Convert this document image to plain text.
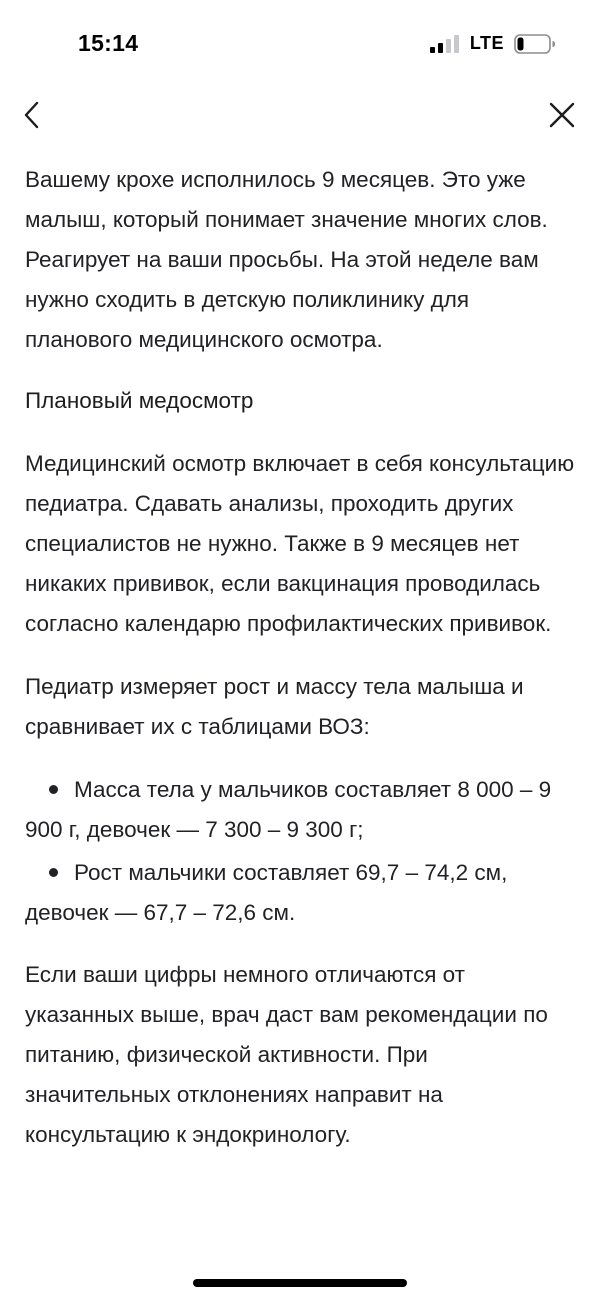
15:14	LTE

Вашему крохе исполнилось 9 месяцев. Это уже малыш, который понимает значение многих слов. Реагирует на ваши просьбы. На этой неделе вам нужно сходить в детскую поликлинику для планового медицинского осмотра.

Плановый медосмотр

Медицинский осмотр включает в себя консультацию педиатра. Сдавать анализы, проходить других специалистов не нужно. Также в 9 месяцев нет никаких прививок, если вакцинация проводилась согласно календарю профилактических прививок.

Педиатр измеряет рост и массу тела малыша и сравнивает их с таблицами ВОЗ:

Масса тела у мальчиков составляет 8 000 – 9 900 г, девочек — 7 300 – 9 300 г;
Рост мальчики составляет 69,7 – 74,2 см, девочек — 67,7 – 72,6 см.

Если ваши цифры немного отличаются от указанных выше, врач даст вам рекомендации по питанию, физической активности. При значительных отклонениях направит на консультацию к эндокринологу.
